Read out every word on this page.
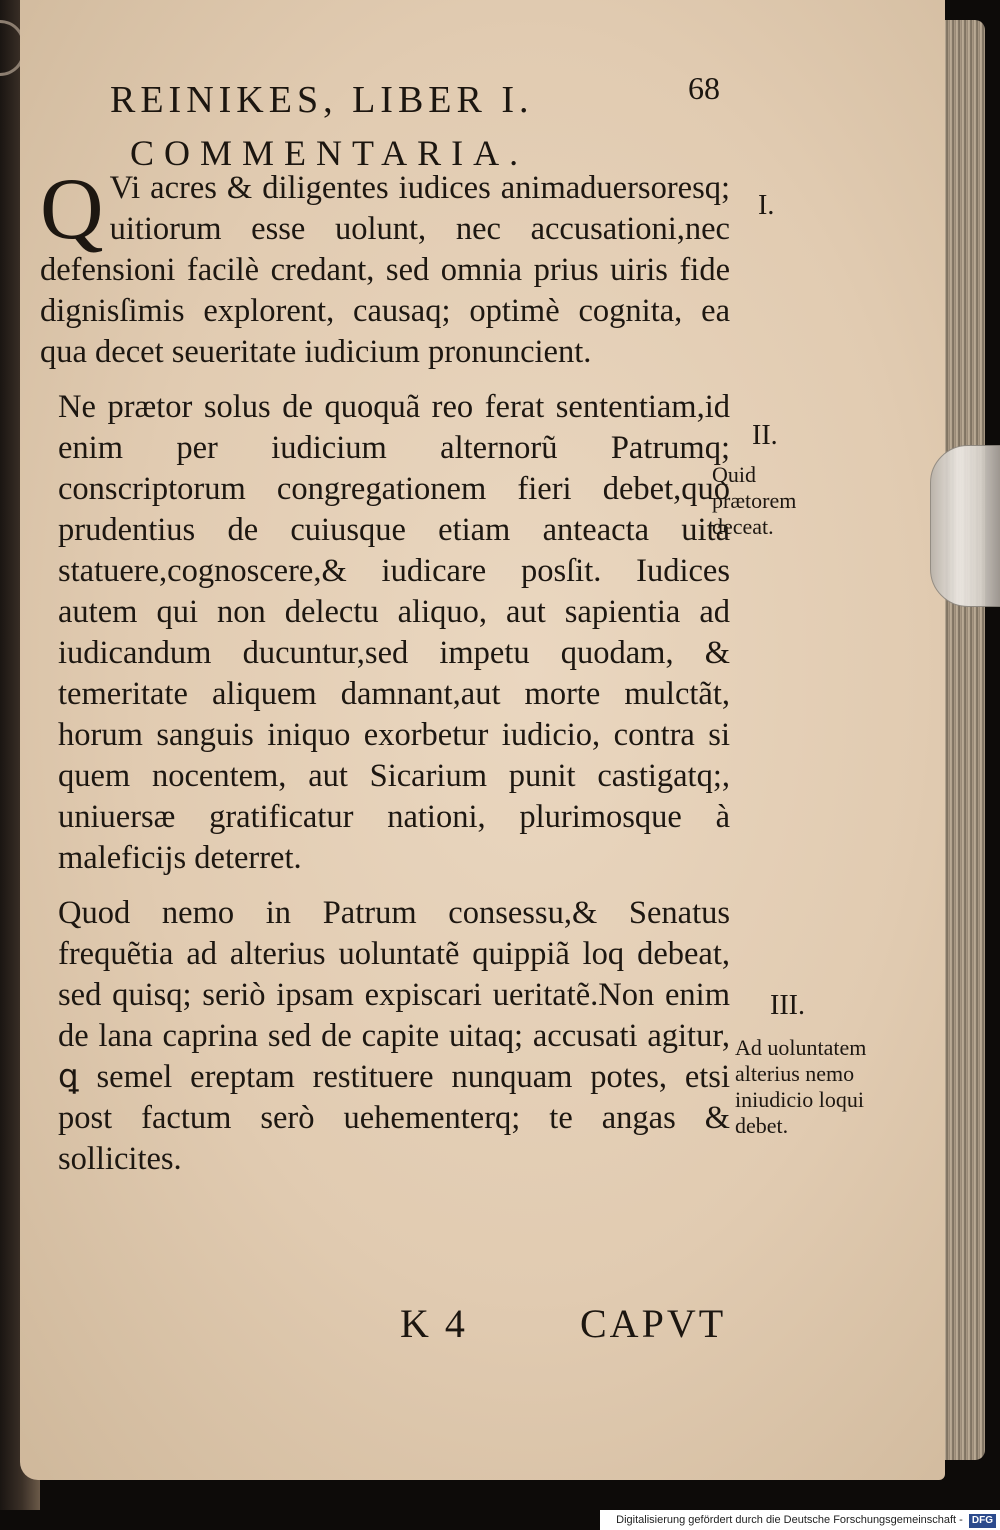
REINIKES, LIBER I.	68
COMMENTARIA.

Q Vi acres & diligentes iudices animaduersoresq; uitiorum esse uolunt, nec accusationi,nec defensioni facilè credant, sed omnia prius uiris fide dignisſimis explorent, causaq; optimè cognita, ea qua decet seueritate iudicium pronuncient.

Ne prætor solus de quoquã reo ferat sententiam,id enim per iudicium alternorũ Patrumq; conscriptorum congregationem fieri debet,quo prudentius de cuiusque etiam anteacta uita statuere,cognoscere,& iudicare posſit. Iudices autem qui non delectu aliquo, aut sapientia ad iudicandum ducuntur,sed impetu quodam, & temeritate aliquem damnant,aut morte mulctãt, horum sanguis iniquo exorbetur iudicio, contra si quem nocentem, aut Sicarium punit castigatq;, uniuersæ gratificatur nationi, plurimosque à maleficijs deterret.

Quod nemo in Patrum consessu,& Senatus frequẽtia ad alterius uoluntatẽ quippiã loq debeat, sed quisq; seriò ipsam expiscari ueritatẽ.Non enim de lana caprina sed de capite uitaq; accusati agitur, ꝗ semel ereptam restituere nunquam potes, etsi post factum serò uehementerq; te angas & sollicites.

I.
II.
Quid prætorem deceat.
III.
Ad uoluntatem alterius nemo iniudicio loqui debet.
K 4	CAPVT
Digitalisierung gefördert durch die Deutsche Forschungsgemeinschaft - DFG
